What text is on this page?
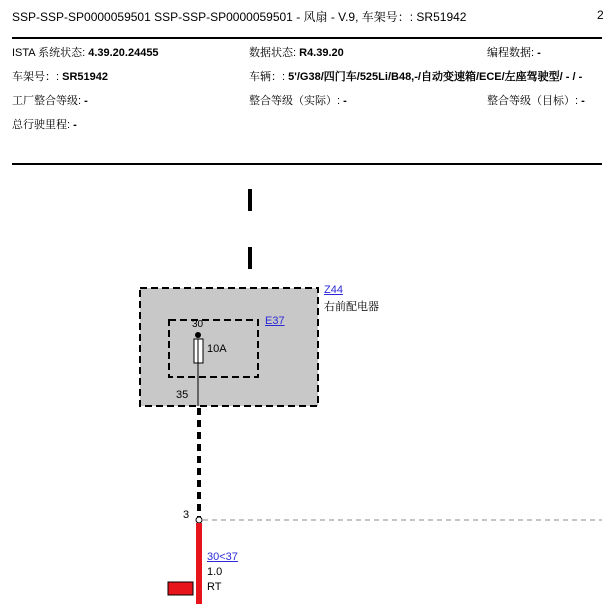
SSP-SSP-SP0000059501 SSP-SSP-SP0000059501 - 风扇 - V.9, 车架号：: SR51942	2
ISTA 系统状态: 4.39.20.24455	数据状态: R4.39.20	编程数据: -
车架号：: SR51942	车辆：: 5'/G38/四门车/525Li/B48,-/自动变速箱/ECE/左座驾驶型/ - / -
工厂整合等级: -	整合等级（实际）: -	整合等级（目标）: -
总行驶里程: -
Z44
右前配电器
E37
30
10A
35
3
30<37
1.0
RT
